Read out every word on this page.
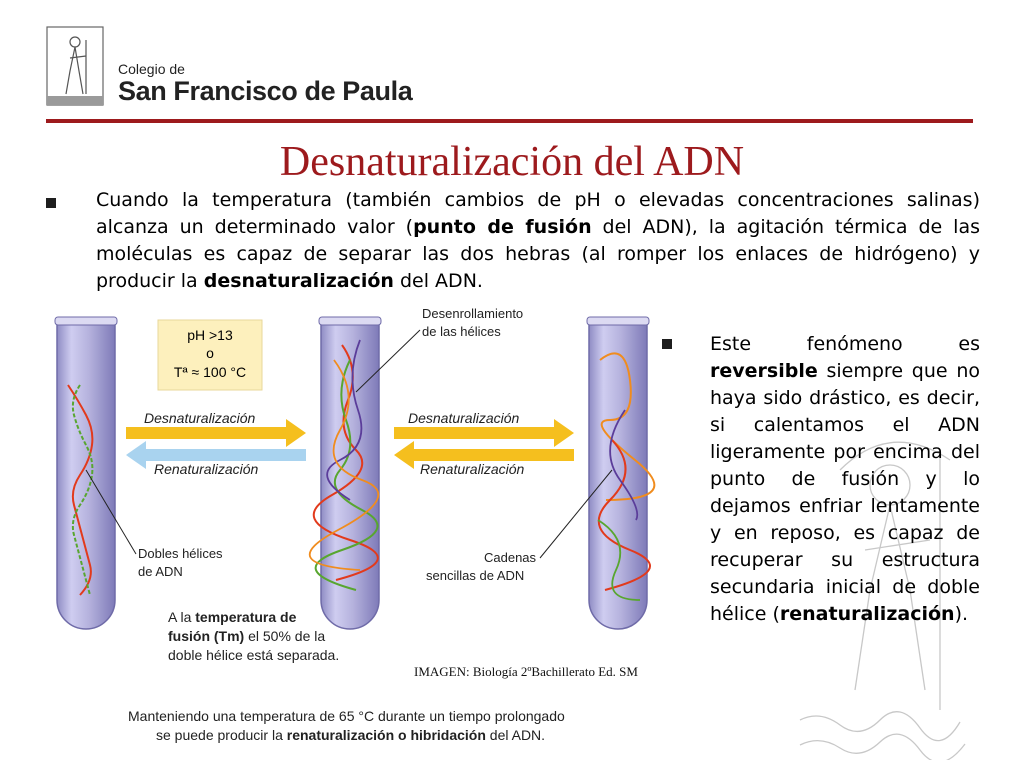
Colegio de
San Francisco de Paula
Desnaturalización del ADN

Cuando la temperatura (también cambios de pH o elevadas concentraciones salinas) alcanza un determinado valor (punto de fusión del ADN), la agitación térmica de las moléculas es capaz de separar las dos hebras (al romper los enlaces de hidrógeno) y producir la desnaturalización del ADN.

pH >13
o
Tª ≈ 100 °C
Desnaturalización
Renaturalización
Desnaturalización
Renaturalización
Desenrollamiento
de las hélices
Dobles hélices
de ADN
Cadenas
sencillas de ADN
A la temperatura de
fusión (Tm) el 50% de la
doble hélice está separada.
Manteniendo una temperatura de 65 °C durante un tiempo prolongado
se puede producir la renaturalización o hibridación del ADN.
IMAGEN: Biología 2ºBachillerato Ed. SM

Este fenómeno es reversible siempre que no haya sido drástico, es decir, si calentamos el ADN ligeramente por encima del punto de fusión y lo dejamos enfriar lentamente y en reposo, es capaz de recuperar su estructura secundaria inicial de doble hélice (renaturalización).
